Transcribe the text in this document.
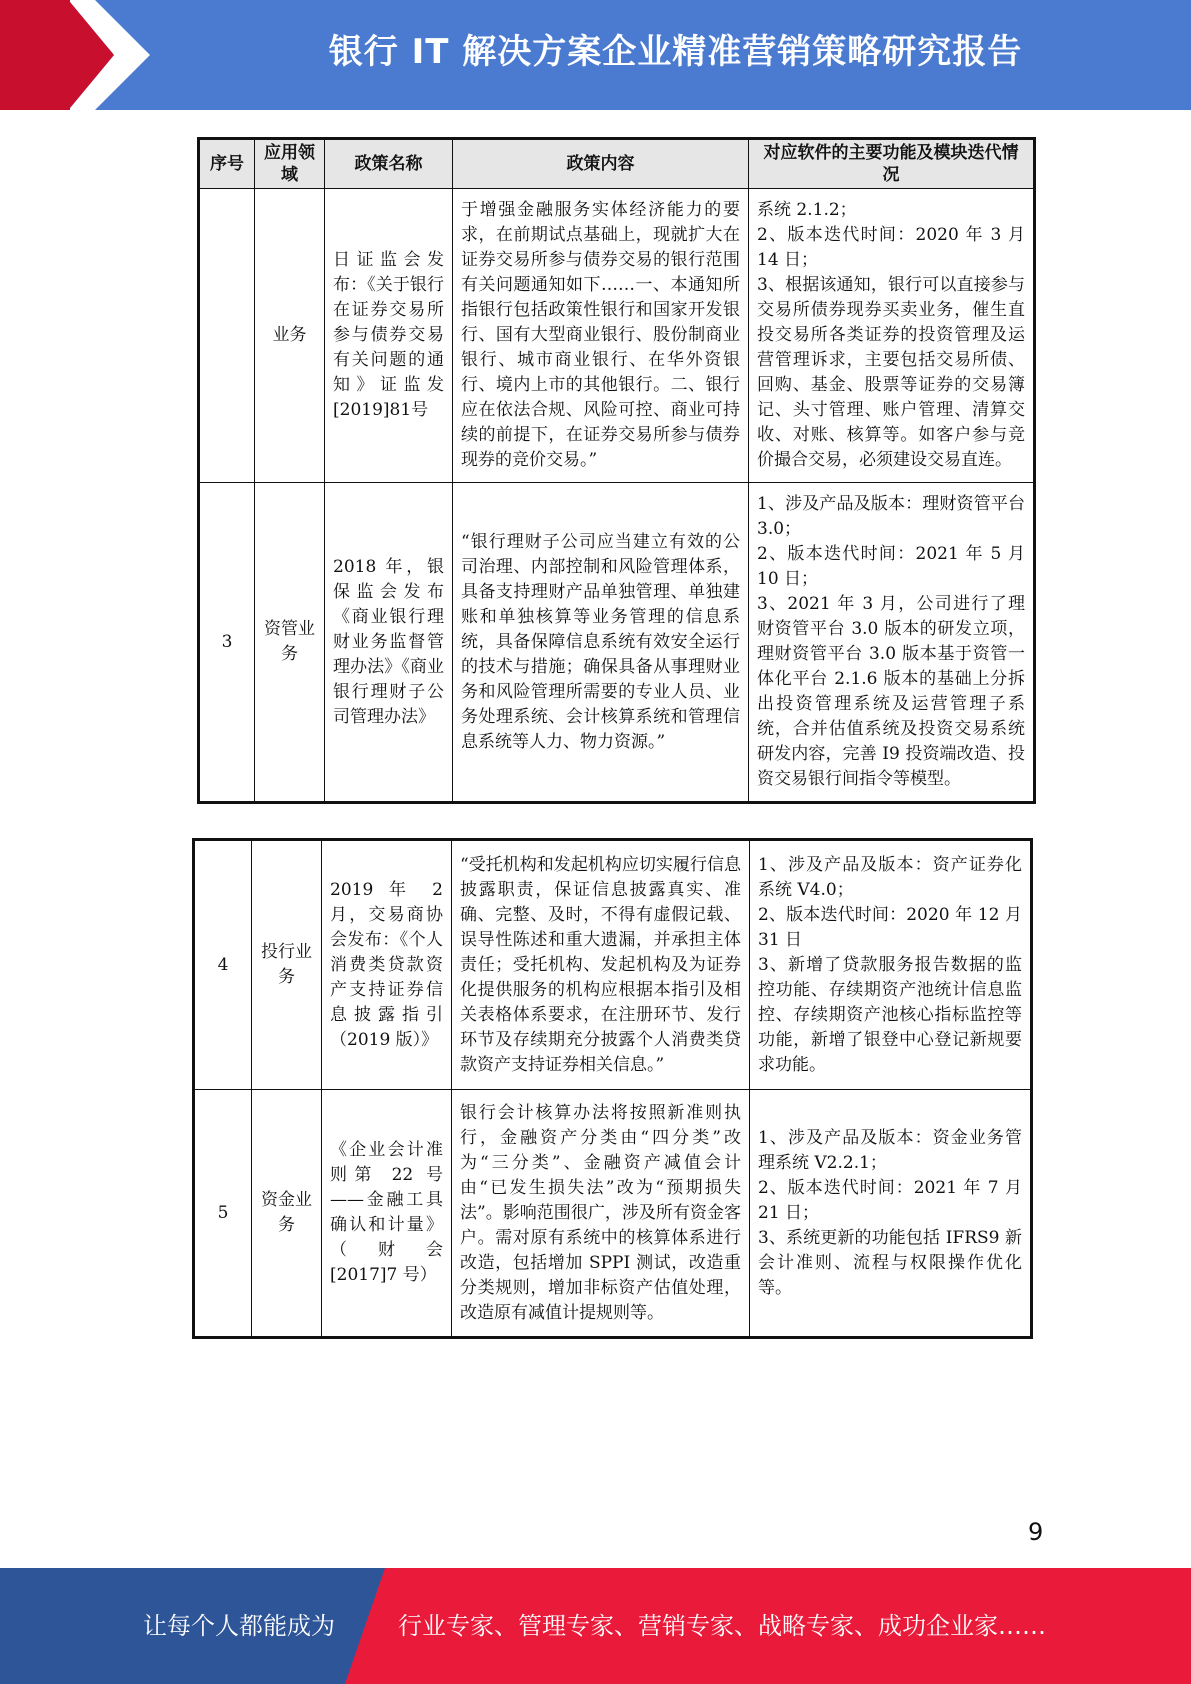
银行 IT 解决方案企业精准营销策略研究报告
序号	应用领域	政策名称	政策内容	对应软件的主要功能及模块迭代情况
	业务	日证监会发布：《关于银行在证券交易所参与债券交易有关问题的通知》证监发[2019]81号	于增强金融服务实体经济能力的要求，在前期试点基础上，现就扩大在证券交易所参与债券交易的银行范围有关问题通知如下……一、本通知所指银行包括政策性银行和国家开发银行、国有大型商业银行、股份制商业银行、城市商业银行、在华外资银行、境内上市的其他银行。二、银行应在依法合规、风险可控、商业可持续的前提下，在证券交易所参与债券现券的竞价交易。”	系统 2.1.2；
2、版本迭代时间：2020 年 3 月 14 日；
3、根据该通知，银行可以直接参与交易所债券现券买卖业务，催生直投交易所各类证券的投资管理及运营管理诉求，主要包括交易所债、回购、基金、股票等证券的交易簿记、头寸管理、账户管理、清算交收、对账、核算等。如客户参与竞价撮合交易，必须建设交易直连。
3	资管业务	2018 年，银保监会发布《商业银行理财业务监督管理办法》《商业银行理财子公司管理办法》	“银行理财子公司应当建立有效的公司治理、内部控制和风险管理体系，具备支持理财产品单独管理、单独建账和单独核算等业务管理的信息系统，具备保障信息系统有效安全运行的技术与措施；确保具备从事理财业务和风险管理所需要的专业人员、业务处理系统、会计核算系统和管理信息系统等人力、物力资源。”	1、涉及产品及版本：理财资管平台 3.0；
2、版本迭代时间：2021 年 5 月 10 日；
3、2021 年 3 月，公司进行了理财资管平台 3.0 版本的研发立项，理财资管平台 3.0 版本基于资管一体化平台 2.1.6 版本的基础上分拆出投资管理系统及运营管理子系统，合并估值系统及投资交易系统研发内容，完善 I9 投资端改造、投资交易银行间指令等模型。
4	投行业务	2019 年 2 月，交易商协会发布：《个人消费类贷款资产支持证券信息披露指引（2019 版）》	“受托机构和发起机构应切实履行信息披露职责，保证信息披露真实、准确、完整、及时，不得有虚假记载、误导性陈述和重大遗漏，并承担主体责任；受托机构、发起机构及为证券化提供服务的机构应根据本指引及相关表格体系要求，在注册环节、发行环节及存续期充分披露个人消费类贷款资产支持证券相关信息。”	1、涉及产品及版本：资产证券化系统 V4.0；
2、版本迭代时间：2020 年 12 月 31 日
3、新增了贷款服务报告数据的监控功能、存续期资产池统计信息监控、存续期资产池核心指标监控等功能，新增了银登中心登记新规要求功能。
5	资金业务	《企业会计准则第 22 号——金融工具确认和计量》（财会[2017]7 号）	银行会计核算办法将按照新准则执行，金融资产分类由“四分类”改为“三分类”、金融资产减值会计由“已发生损失法”改为“预期损失法”。影响范围很广，涉及所有资金客户。需对原有系统中的核算体系进行改造，包括增加 SPPI 测试，改造重分类规则，增加非标资产估值处理，改造原有减值计提规则等。	1、涉及产品及版本：资金业务管理系统 V2.2.1；
2、版本迭代时间：2021 年 7 月 21 日；
3、系统更新的功能包括 IFRS9 新会计准则、流程与权限操作优化等。
9
让每个人都能成为	行业专家、管理专家、营销专家、战略专家、成功企业家……
